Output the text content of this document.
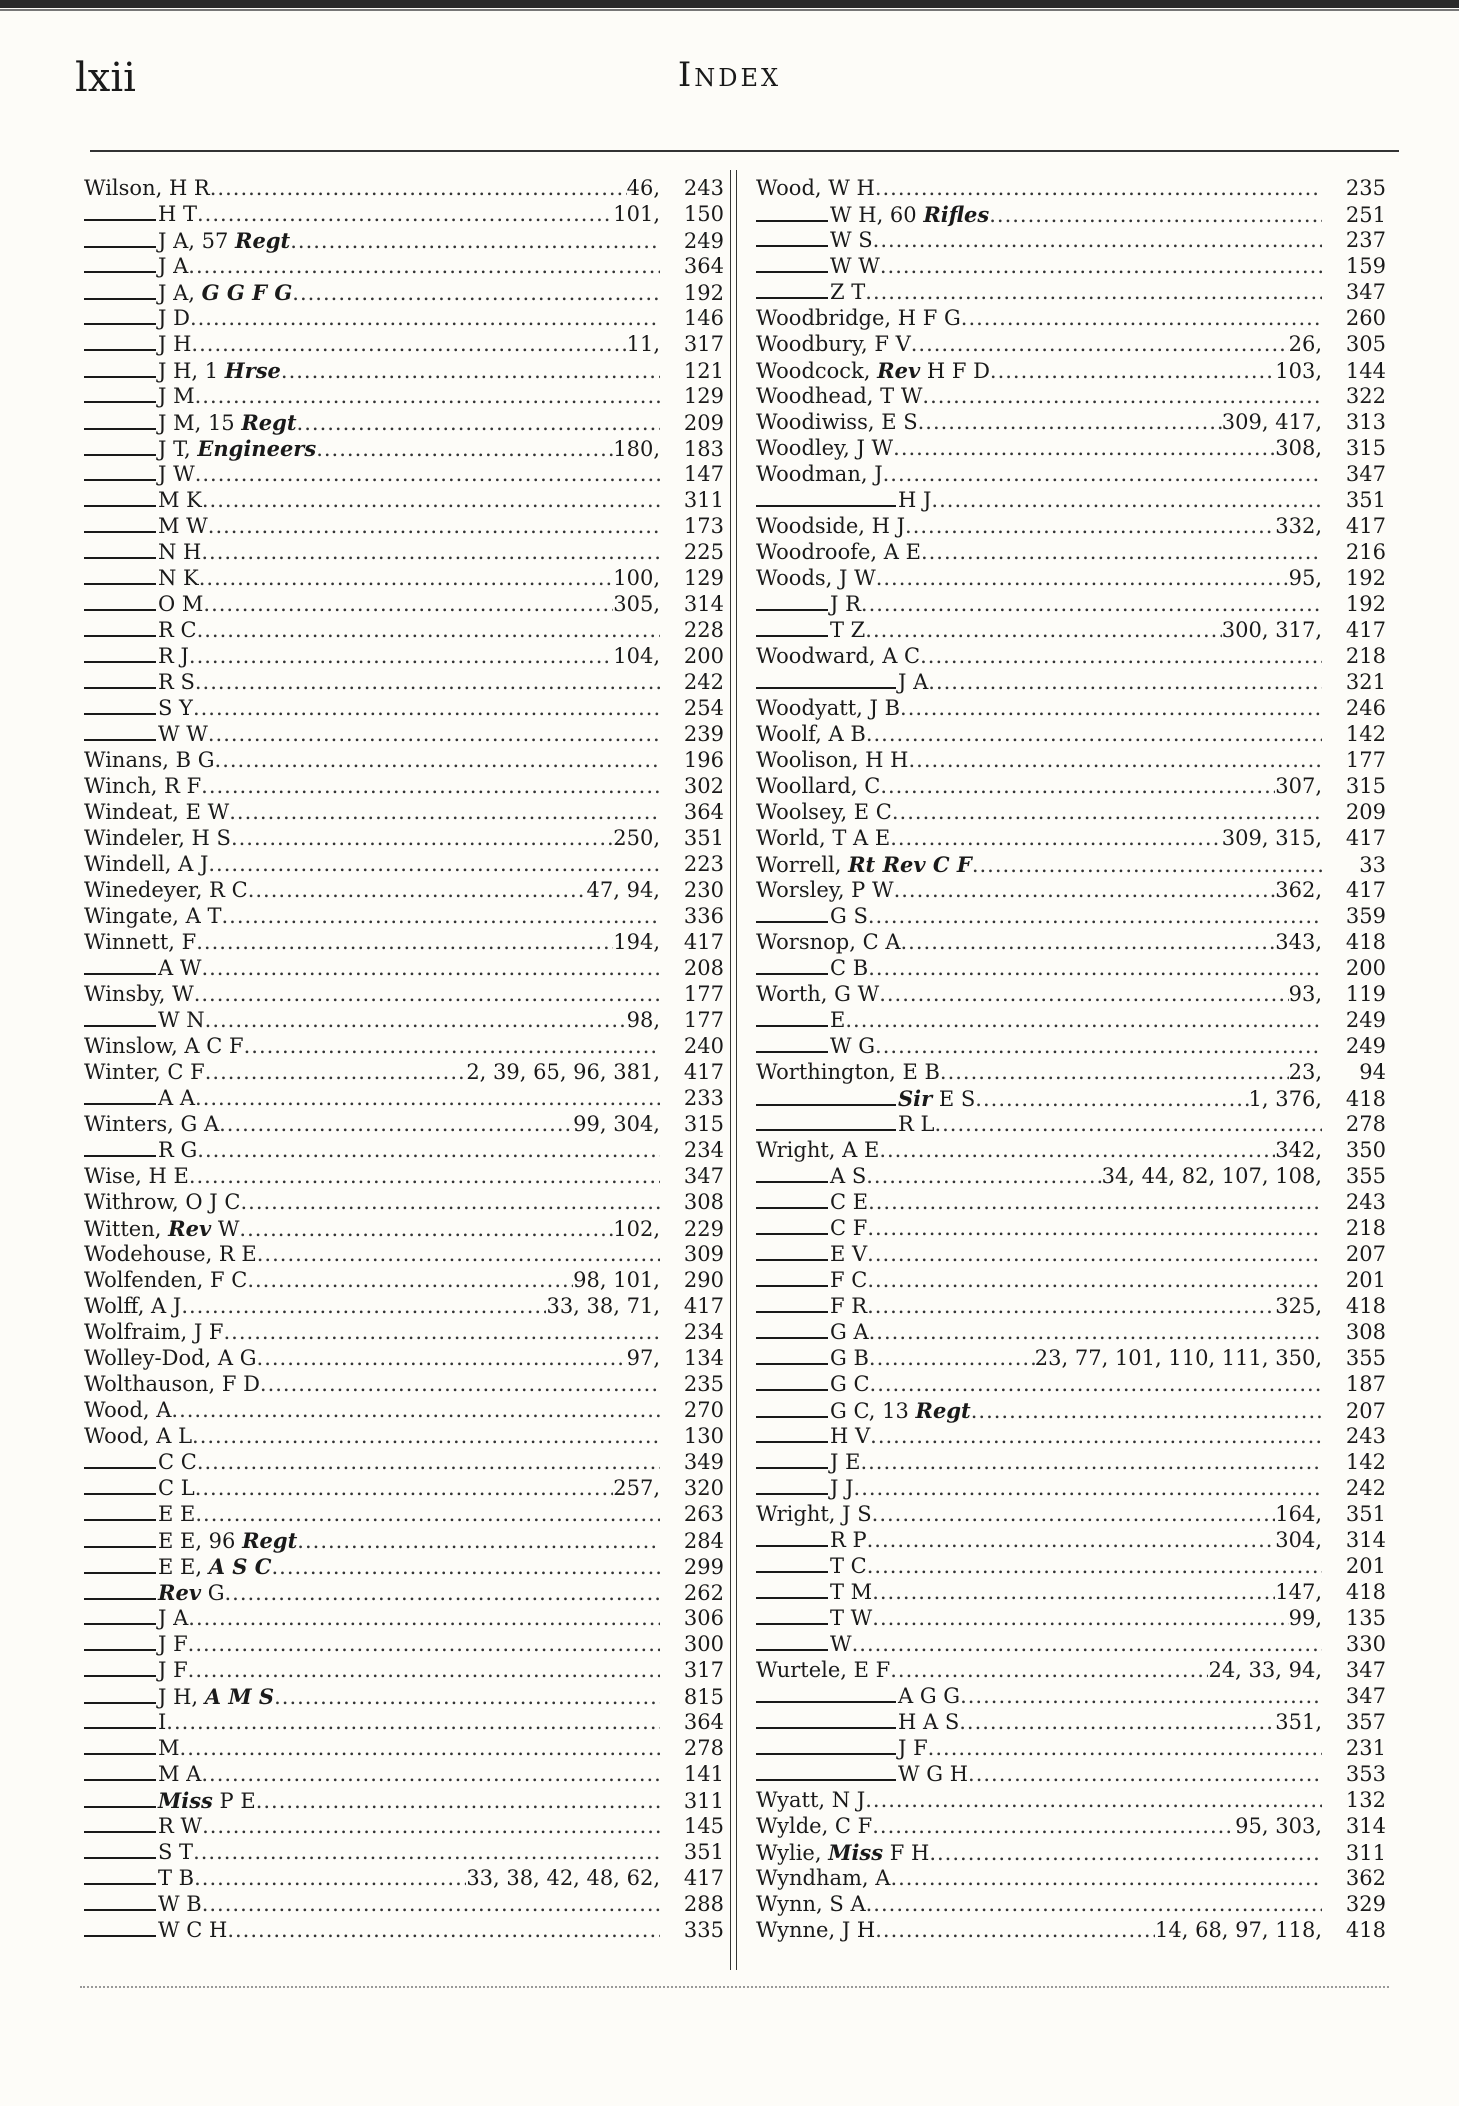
lxii	Index
Wilson, H R .....	46,	243
H T .....	101,	150
J A, 57 Regt .....	249
J A .....	364
J A, G G F G .....	192
J D .....	146
J H .....	11,	317
J H, 1 Hrse .....	121
J M .....	129
J M, 15 Regt .....	209
J T, Engineers .....	180,	183
J W .....	147
M K .....	311
M W .....	173
N H .....	225
N K .....	100,	129
O M .....	305,	314
R C .....	228
R J .....	104,	200
R S .....	242
S Y .....	254
W W .....	239
Winans, B G .....	196
Winch, R F .....	302
Windeat, E W .....	364
Windeler, H S .....	250,	351
Windell, A J .....	223
Winedeyer, R C .....	47, 94,	230
Wingate, A T .....	336
Winnett, F .....	194,	417
A W .....	208
Winsby, W .....	177
W N .....	98,	177
Winslow, A C F .....	240
Winter, C F .....	2, 39, 65, 96, 381,	417
A A .....	233
Winters, G A .....	99, 304,	315
R G .....	234
Wise, H E .....	347
Withrow, O J C .....	308
Witten, Rev W .....	102,	229
Wodehouse, R E .....	309
Wolfenden, F C .....	98, 101,	290
Wolff, A J .....	33, 38, 71,	417
Wolfraim, J F .....	234
Wolley-Dod, A G .....	97,	134
Wolthauson, F D .....	235
Wood, A .....	270
Wood, A L .....	130
C C .....	349
C L .....	257,	320
E E .....	263
E E, 96 Regt .....	284
E E, A S C .....	299
Rev G .....	262
J A .....	306
J F .....	300
J F .....	317
J H, A M S .....	815
I .....	364
M .....	278
M A .....	141
Miss P E .....	311
R W .....	145
S T .....	351
T B .....	33, 38, 42, 48, 62,	417
W B .....	288
W C H .....	335
Wood, W H .....	235
W H, 60 Rifles .....	251
W S .....	237
W W .....	159
Z T .....	347
Woodbridge, H F G .....	260
Woodbury, F V .....	26,	305
Woodcock, Rev H F D .....	103,	144
Woodhead, T W .....	322
Woodiwiss, E S .....	309, 417,	313
Woodley, J W .....	308,	315
Woodman, J .....	347
H J .....	351
Woodside, H J .....	332,	417
Woodroofe, A E .....	216
Woods, J W .....	95,	192
J R .....	192
T Z .....	300, 317,	417
Woodward, A C .....	218
J A .....	321
Woodyatt, J B .....	246
Woolf, A B .....	142
Woolison, H H .....	177
Woollard, C .....	307,	315
Woolsey, E C .....	209
World, T A E .....	309, 315,	417
Worrell, Rt Rev C F .....	33
Worsley, P W .....	362,	417
G S .....	359
Worsnop, C A .....	343,	418
C B .....	200
Worth, G W .....	93,	119
E .....	249
W G .....	249
Worthington, E B .....	23,	94
Sir E S .....	1, 376,	418
R L .....	278
Wright, A E .....	342,	350
A S .....	34, 44, 82, 107, 108,	355
C E .....	243
C F .....	218
E V .....	207
F C .....	201
F R .....	325,	418
G A .....	308
G B .....	23, 77, 101, 110, 111, 350,	355
G C .....	187
G C, 13 Regt .....	207
H V .....	243
J E .....	142
J J .....	242
Wright, J S .....	164,	351
R P .....	304,	314
T C .....	201
T M .....	147,	418
T W .....	99,	135
W .....	330
Wurtele, E F .....	24, 33, 94,	347
A G G .....	347
H A S .....	351,	357
J F .....	231
W G H .....	353
Wyatt, N J .....	132
Wylde, C F .....	95, 303,	314
Wylie, Miss F H .....	311
Wyndham, A .....	362
Wynn, S A .....	329
Wynne, J H .....	14, 68, 97, 118,	418
